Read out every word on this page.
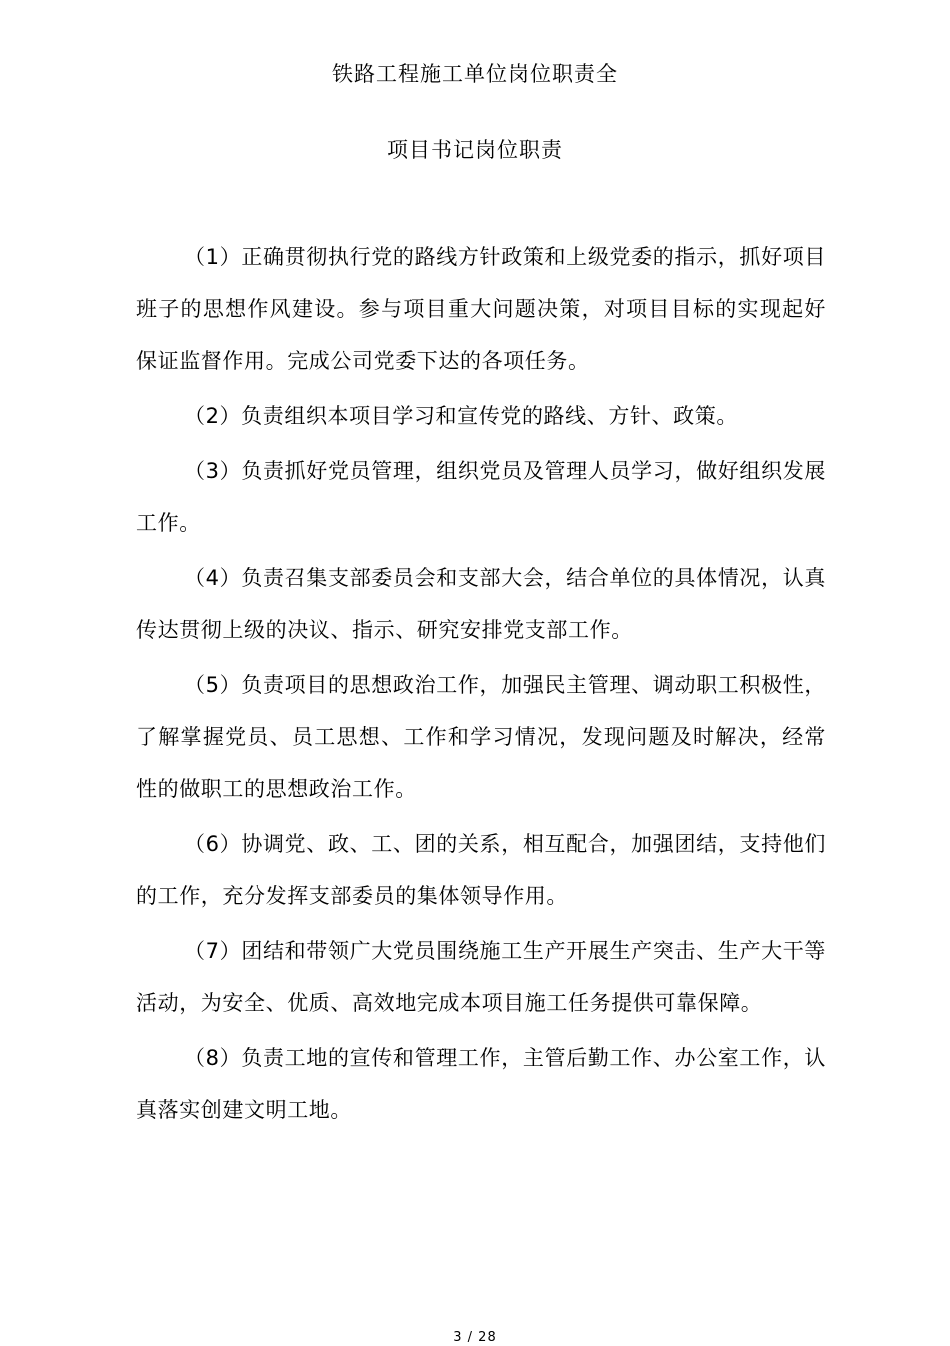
铁路工程施工单位岗位职责全
项目书记岗位职责

（1）正确贯彻执行党的路线方针政策和上级党委的指示，抓好项目班子的思想作风建设。参与项目重大问题决策，对项目目标的实现起好保证监督作用。完成公司党委下达的各项任务。

（2）负责组织本项目学习和宣传党的路线、方针、政策。

（3）负责抓好党员管理，组织党员及管理人员学习，做好组织发展工作。

（4）负责召集支部委员会和支部大会，结合单位的具体情况，认真传达贯彻上级的决议、指示、研究安排党支部工作。

（5）负责项目的思想政治工作，加强民主管理、调动职工积极性，了解掌握党员、员工思想、工作和学习情况，发现问题及时解决，经常性的做职工的思想政治工作。

（6）协调党、政、工、团的关系，相互配合，加强团结，支持他们的工作，充分发挥支部委员的集体领导作用。

（7）团结和带领广大党员围绕施工生产开展生产突击、生产大干等活动，为安全、优质、高效地完成本项目施工任务提供可靠保障。

（8）负责工地的宣传和管理工作，主管后勤工作、办公室工作，认真落实创建文明工地。

3 / 28
